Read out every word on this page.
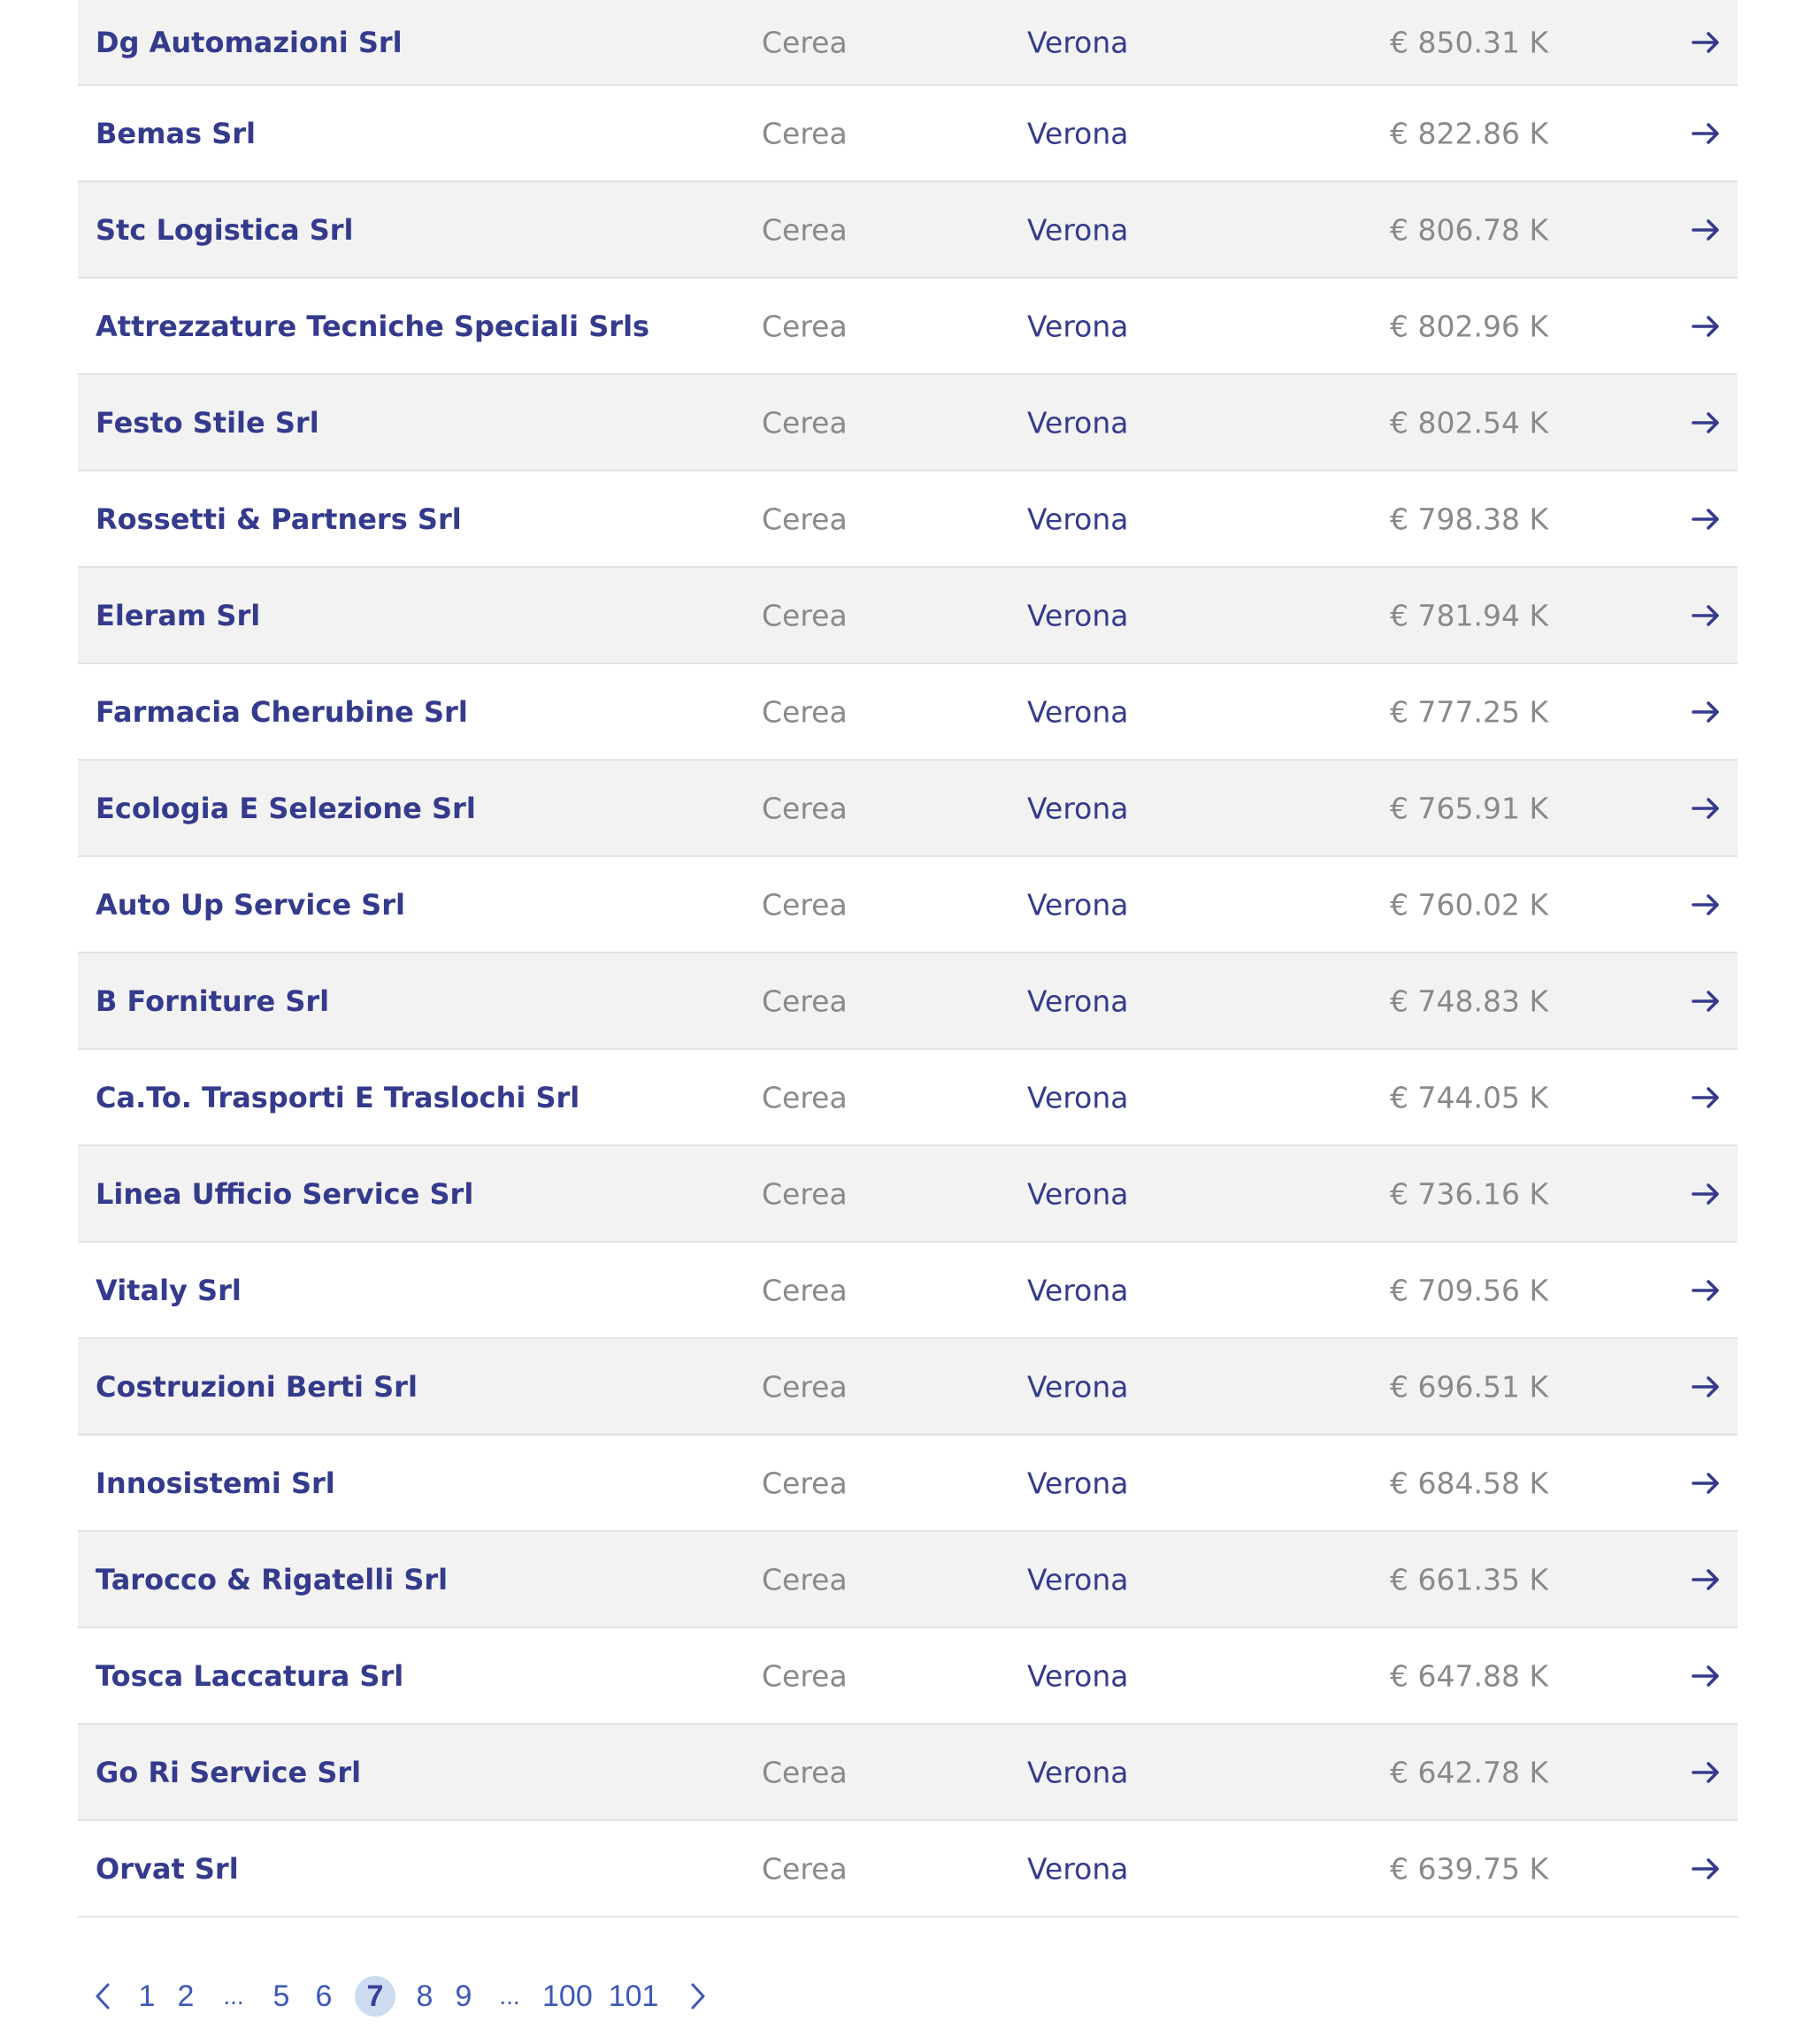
Dg Automazioni Srl	Cerea	Verona	€ 850.31 K
Bemas Srl	Cerea	Verona	€ 822.86 K
Stc Logistica Srl	Cerea	Verona	€ 806.78 K
Attrezzature Tecniche Speciali Srls	Cerea	Verona	€ 802.96 K
Festo Stile Srl	Cerea	Verona	€ 802.54 K
Rossetti & Partners Srl	Cerea	Verona	€ 798.38 K
Eleram Srl	Cerea	Verona	€ 781.94 K
Farmacia Cherubine Srl	Cerea	Verona	€ 777.25 K
Ecologia E Selezione Srl	Cerea	Verona	€ 765.91 K
Auto Up Service Srl	Cerea	Verona	€ 760.02 K
B Forniture Srl	Cerea	Verona	€ 748.83 K
Ca.To. Trasporti E Traslochi Srl	Cerea	Verona	€ 744.05 K
Linea Ufficio Service Srl	Cerea	Verona	€ 736.16 K
Vitaly Srl	Cerea	Verona	€ 709.56 K
Costruzioni Berti Srl	Cerea	Verona	€ 696.51 K
Innosistemi Srl	Cerea	Verona	€ 684.58 K
Tarocco & Rigatelli Srl	Cerea	Verona	€ 661.35 K
Tosca Laccatura Srl	Cerea	Verona	€ 647.88 K
Go Ri Service Srl	Cerea	Verona	€ 642.78 K
Orvat Srl	Cerea	Verona	€ 639.75 K
1 2 ... 5 6	7	8 9 ... 100 101
